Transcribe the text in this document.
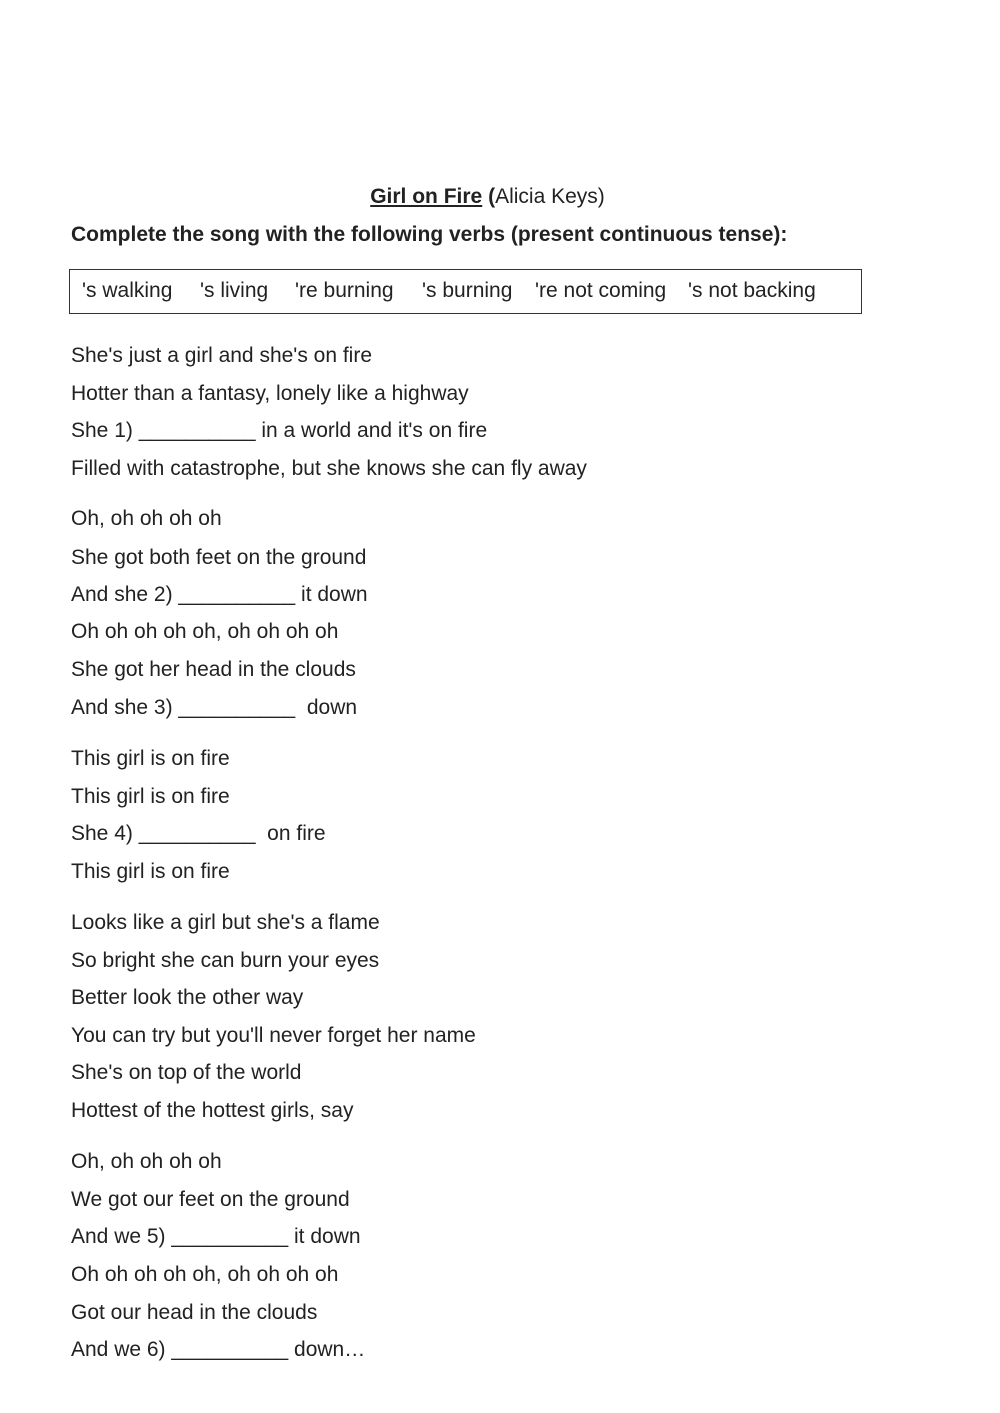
Girl on Fire (Alicia Keys)
Complete the song with the following verbs (present continuous tense):
's walking 's living 're burning 's burning 're not coming 's not backing
She's just a girl and she's on fire
Hotter than a fantasy, lonely like a highway
She 1) __________ in a world and it's on fire
Filled with catastrophe, but she knows she can fly away
Oh, oh oh oh oh
She got both feet on the ground
And she 2) __________ it down
Oh oh oh oh oh, oh oh oh oh
She got her head in the clouds
And she 3) __________  down
This girl is on fire
This girl is on fire
She 4) __________  on fire
This girl is on fire
Looks like a girl but she's a flame
So bright she can burn your eyes
Better look the other way
You can try but you'll never forget her name
She's on top of the world
Hottest of the hottest girls, say
Oh, oh oh oh oh
We got our feet on the ground
And we 5) __________ it down
Oh oh oh oh oh, oh oh oh oh
Got our head in the clouds
And we 6) __________ down…
